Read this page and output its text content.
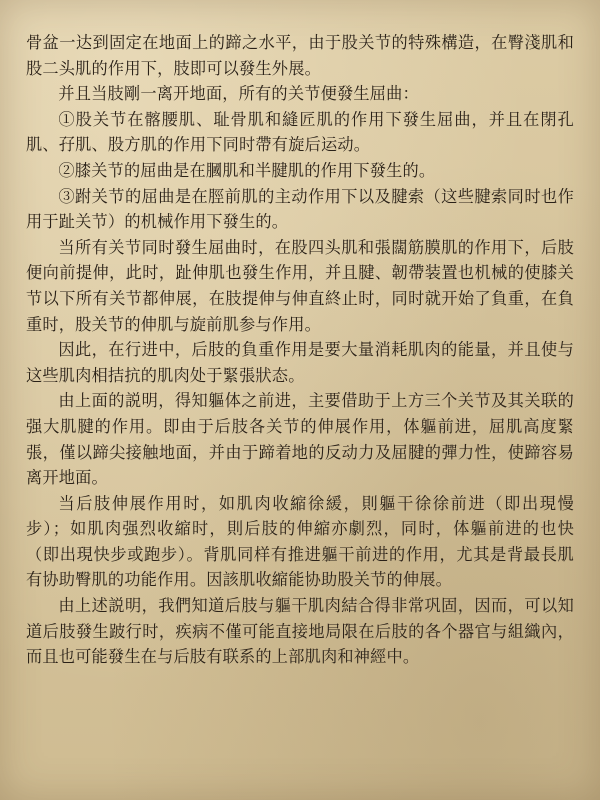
骨盆一达到固定在地面上的蹄之水平，由于股关节的特殊構造，在臀淺肌和股二头肌的作用下，肢即可以發生外展。

并且当肢剛一离开地面，所有的关节便發生屈曲：

①股关节在髂腰肌、耻骨肌和縫匠肌的作用下發生屈曲，并且在閉孔肌、孖肌、股方肌的作用下同时帶有旋后运动。

②膝关节的屈曲是在膕肌和半腱肌的作用下發生的。

③跗关节的屈曲是在脛前肌的主动作用下以及腱索（这些腱索同时也作用于趾关节）的机械作用下發生的。

当所有关节同时發生屈曲时，在股四头肌和張闊筋膜肌的作用下，后肢便向前提伸，此时，趾伸肌也發生作用，并且腱、韌帶装置也机械的使膝关节以下所有关节都伸展，在肢提伸与伸直終止时，同时就开始了負重，在負重时，股关节的伸肌与旋前肌参与作用。

因此，在行进中，后肢的負重作用是要大量消耗肌肉的能量，并且使与这些肌肉相拮抗的肌肉处于緊張狀态。

由上面的説明，得知軀体之前进，主要借助于上方三个关节及其关联的强大肌腱的作用。即由于后肢各关节的伸展作用，体軀前进，屈肌高度緊張，僅以蹄尖接触地面，并由于蹄着地的反动力及屈腱的彈力性，使蹄容易离开地面。

当后肢伸展作用时，如肌肉收縮徐緩，則軀干徐徐前进（即出現慢步）；如肌肉强烈收縮时，則后肢的伸縮亦劇烈，同时，体軀前进的也快（即出現快步或跑步）。背肌同样有推进軀干前进的作用，尤其是背最長肌有协助臀肌的功能作用。因該肌收縮能协助股关节的伸展。

由上述説明，我們知道后肢与軀干肌肉結合得非常巩固，因而，可以知道后肢發生跛行时，疾病不僅可能直接地局限在后肢的各个器官与組織內，而且也可能發生在与后肢有联系的上部肌肉和神經中。
